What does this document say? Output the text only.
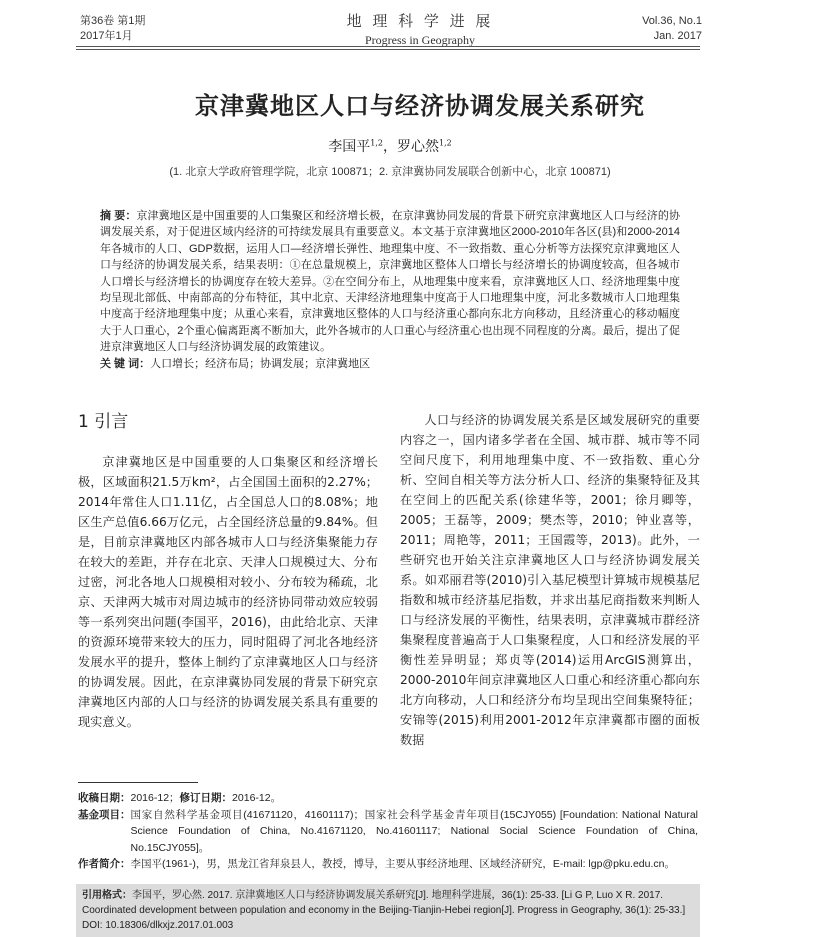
第36卷 第1期
2017年1月
地 理 科 学 进 展
Progress in Geography
Vol.36, No.1
Jan. 2017
京津冀地区人口与经济协调发展关系研究
李国平$^{1,2}$，罗心然$^{1,2}$
(1. 北京大学政府管理学院，北京 100871；2. 京津冀协同发展联合创新中心，北京 100871)
摘 要：京津冀地区是中国重要的人口集聚区和经济增长极，在京津冀协同发展的背景下研究京津冀地区人口与经济的协调发展关系，对于促进区域内经济的可持续发展具有重要意义。本文基于京津冀地区2000-2010年各区(县)和2000-2014年各城市的人口、GDP数据，运用人口—经济增长弹性、地理集中度、不一致指数、重心分析等方法探究京津冀地区人口与经济的协调发展关系，结果表明：①在总量规模上，京津冀地区整体人口增长与经济增长的协调度较高，但各城市人口增长与经济增长的协调度存在较大差异。②在空间分布上，从地理集中度来看，京津冀地区人口、经济地理集中度均呈现北部低、中南部高的分布特征，其中北京、天津经济地理集中度高于人口地理集中度，河北多数城市人口地理集中度高于经济地理集中度；从重心来看，京津冀地区整体的人口与经济重心都向东北方向移动，且经济重心的移动幅度大于人口重心，2个重心偏离距离不断加大，此外各城市的人口重心与经济重心也出现不同程度的分离。最后，提出了促进京津冀地区人口与经济协调发展的政策建议。
关 键 词：人口增长；经济布局；协调发展；京津冀地区
1 引言
京津冀地区是中国重要的人口集聚区和经济增长极，区域面积21.5万km²，占全国国土面积的2.27%；2014年常住人口1.11亿，占全国总人口的8.08%；地区生产总值6.66万亿元，占全国经济总量的9.84%。但是，目前京津冀地区内部各城市人口与经济集聚能力存在较大的差距，并存在北京、天津人口规模过大、分布过密，河北各地人口规模相对较小、分布较为稀疏，北京、天津两大城市对周边城市的经济协同带动效应较弱等一系列突出问题(李国平，2016)，由此给北京、天津的资源环境带来较大的压力，同时阻碍了河北各地经济发展水平的提升，整体上制约了京津冀地区人口与经济的协调发展。因此，在京津冀协同发展的背景下研究京津冀地区内部的人口与经济的协调发展关系具有重要的现实意义。
人口与经济的协调发展关系是区域发展研究的重要内容之一，国内诸多学者在全国、城市群、城市等不同空间尺度下，利用地理集中度、不一致指数、重心分析、空间自相关等方法分析人口、经济的集聚特征及其在空间上的匹配关系(徐建华等，2001；徐月卿等，2005；王磊等，2009；樊杰等，2010；钟业喜等，2011；周艳等，2011；王国霞等，2013)。此外，一些研究也开始关注京津冀地区人口与经济协调发展关系。如邓丽君等(2010)引入基尼模型计算城市规模基尼指数和城市经济基尼指数，并求出基尼商指数来判断人口与经济发展的平衡性，结果表明，京津冀城市群经济集聚程度普遍高于人口集聚程度，人口和经济发展的平衡性差异明显；郑贞等(2014)运用ArcGIS测算出，2000-2010年间京津冀地区人口重心和经济重心都向东北方向移动，人口和经济分布均呈现出空间集聚特征；安锦等(2015)利用2001-2012年京津冀都市圈的面板数据
收稿日期： 2016-12； 修订日期： 2016-12。
基金项目： 国家自然科学基金项目(41671120，41601117)；国家社会科学基金青年项目(15CJY055) [Foundation: National Natural Science Foundation of China, No.41671120, No.41601117; National Social Science Foundation of China, No.15CJY055]。
作者简介： 李国平(1961-)，男，黑龙江省拜泉县人，教授，博导，主要从事经济地理、区域经济研究，E-mail: lgp@pku.edu.cn。
引用格式：李国平，罗心然. 2017. 京津冀地区人口与经济协调发展关系研究[J]. 地理科学进展，36(1): 25-33. [Li G P, Luo X R. 2017. Coordinated development between population and economy in the Beijing-Tianjin-Hebei region[J]. Progress in Geography, 36(1): 25-33.]
DOI: 10.18306/dlkxjz.2017.01.003
